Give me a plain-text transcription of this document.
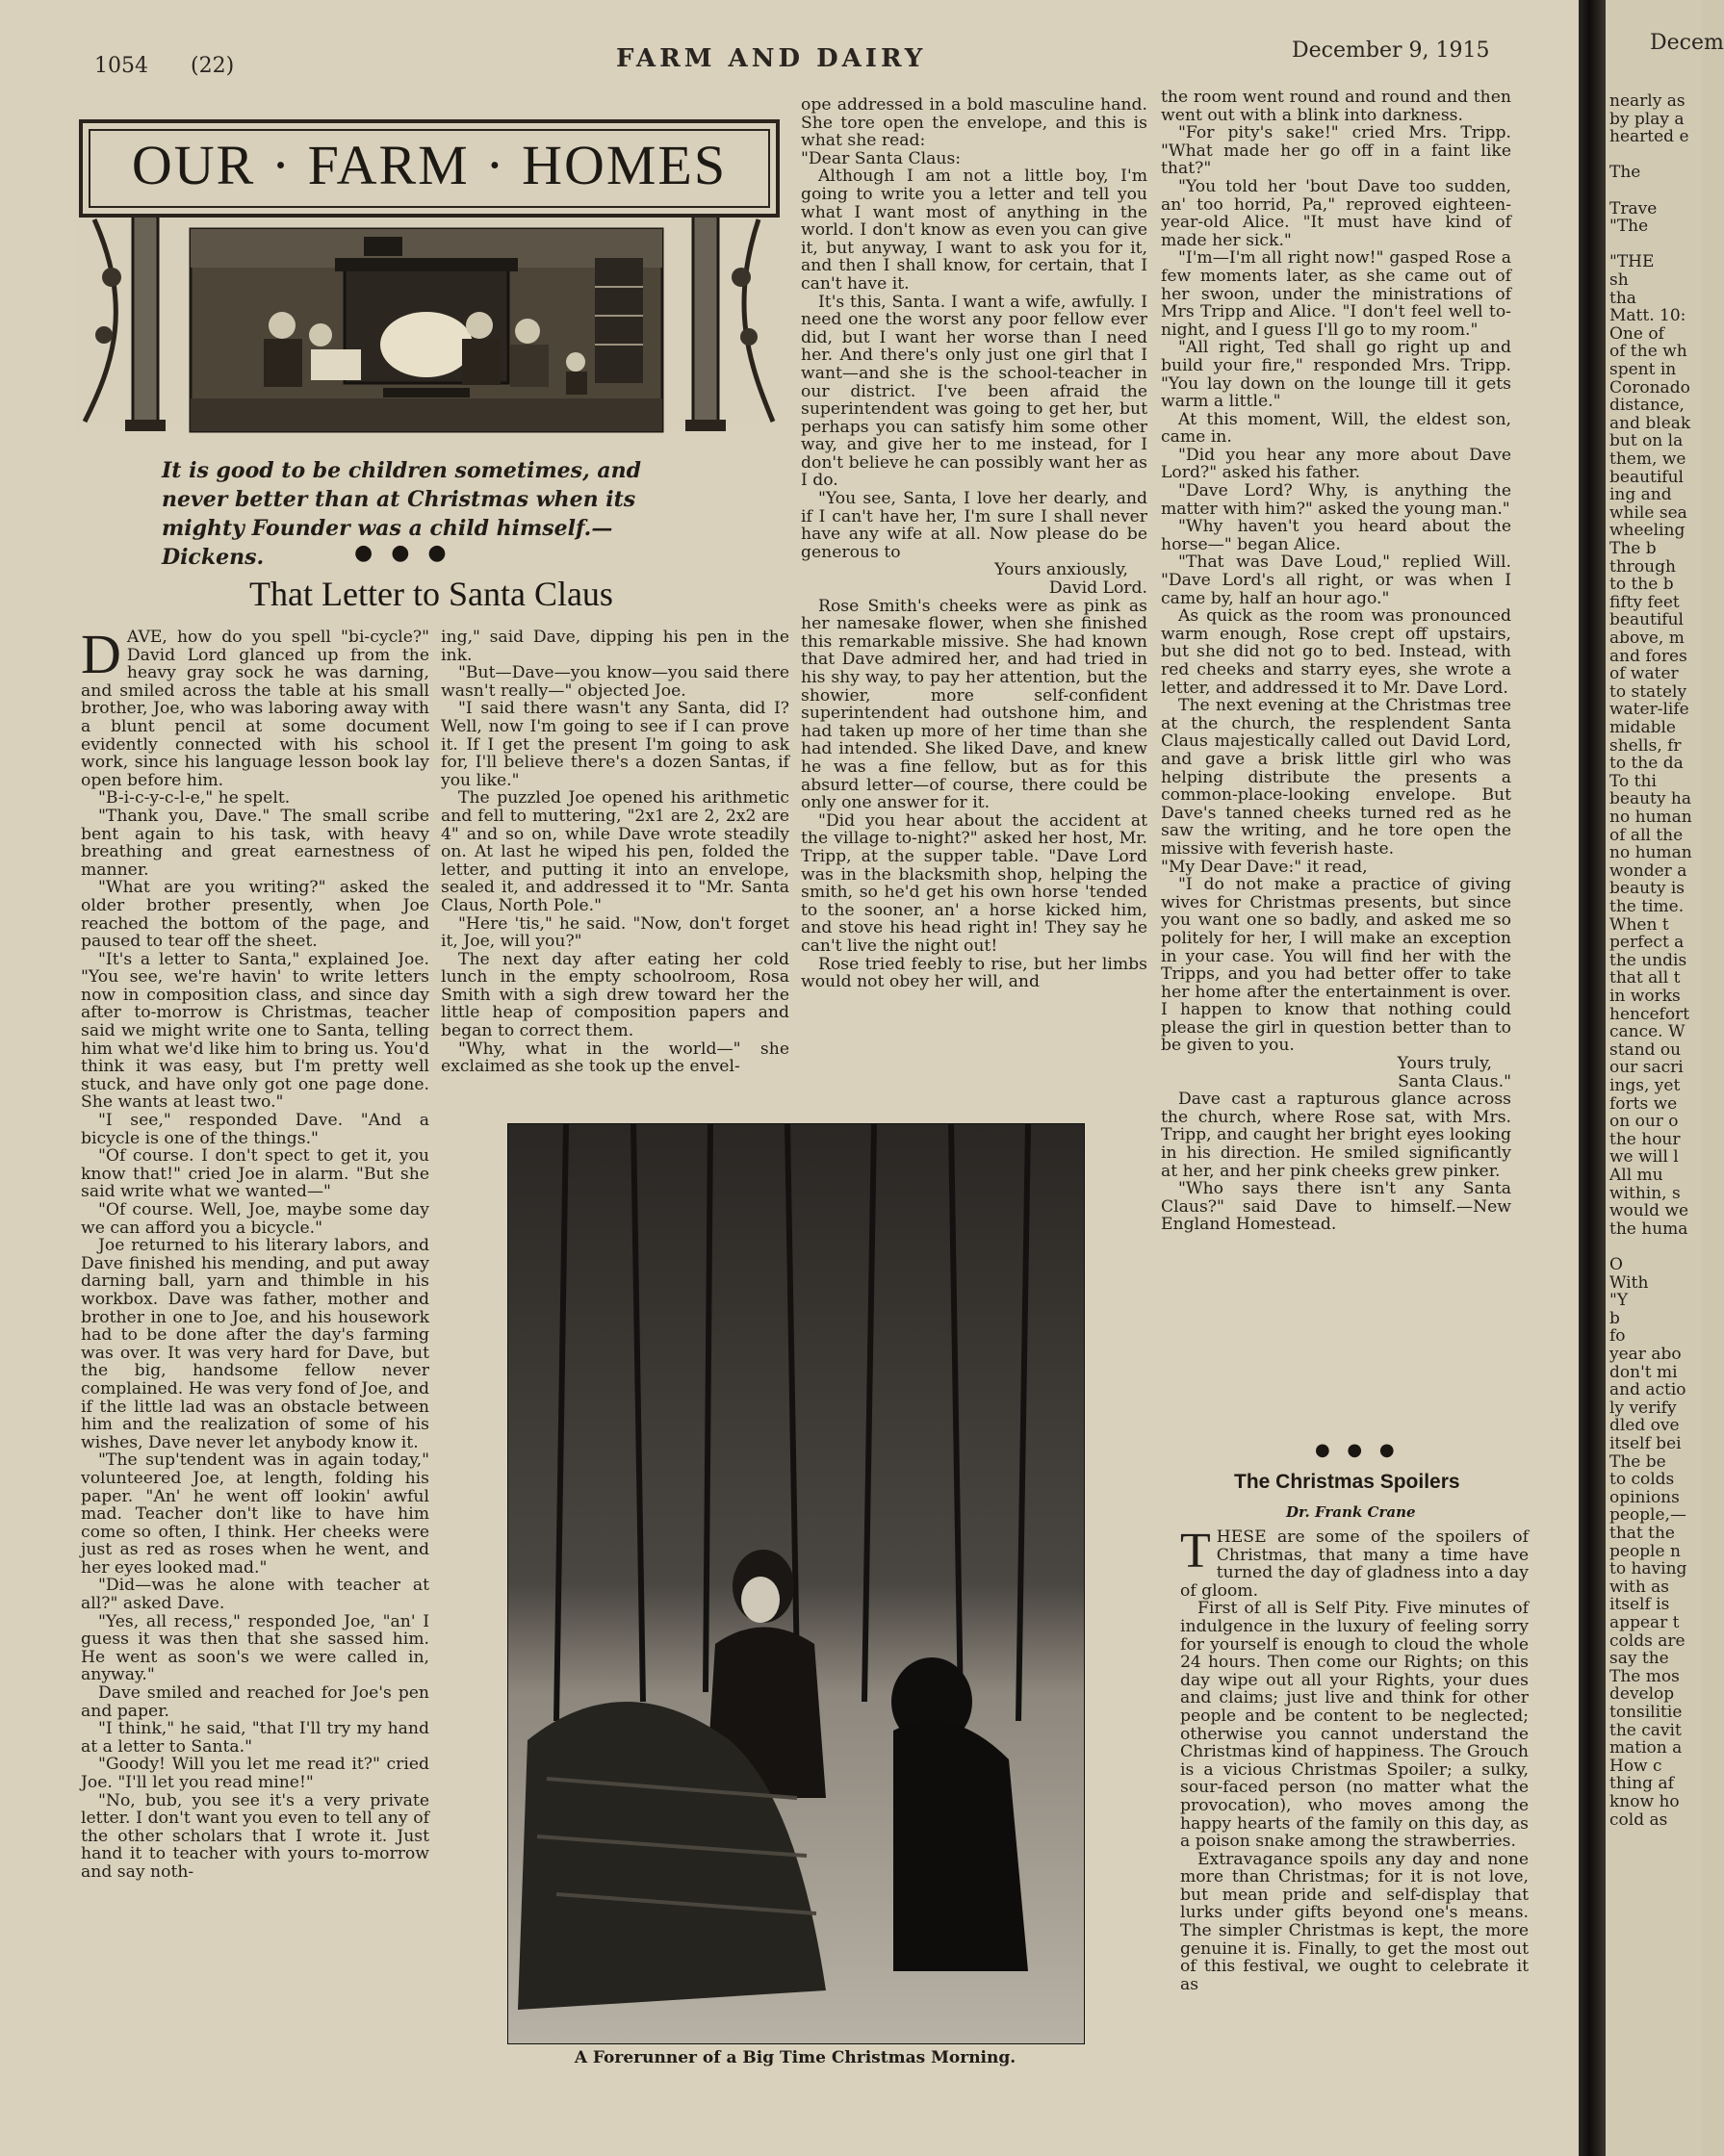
1054 (22)	FARM AND DAIRY	December 9, 1915
OUR · FARM · HOMES
It is good to be children sometimes, and never better than at Christmas when its mighty Founder was a child himself.—Dickens.	● ● ●
That Letter to Santa Claus

DAVE, how do you spell "bi-cycle?" David Lord glanced up from the heavy gray sock he was darning, and smiled across the table at his small brother, Joe, who was laboring away with a blunt pencil at some document evidently connected with his school work, since his language lesson book lay open before him.

"B-i-c-y-c-l-e," he spelt.

"Thank you, Dave." The small scribe bent again to his task, with heavy breathing and great earnestness of manner.

"What are you writing?" asked the older brother presently, when Joe reached the bottom of the page, and paused to tear off the sheet.

"It's a letter to Santa," explained Joe. "You see, we're havin' to write letters now in composition class, and since day after to-morrow is Christmas, teacher said we might write one to Santa, telling him what we'd like him to bring us. You'd think it was easy, but I'm pretty well stuck, and have only got one page done. She wants at least two."

"I see," responded Dave. "And a bicycle is one of the things."

"Of course. I don't spect to get it, you know that!" cried Joe in alarm. "But she said write what we wanted—"

"Of course. Well, Joe, maybe some day we can afford you a bicycle."

Joe returned to his literary labors, and Dave finished his mending, and put away darning ball, yarn and thimble in his workbox. Dave was father, mother and brother in one to Joe, and his housework had to be done after the day's farming was over. It was very hard for Dave, but the big, handsome fellow never complained. He was very fond of Joe, and if the little lad was an obstacle between him and the realization of some of his wishes, Dave never let anybody know it.

"The sup'tendent was in again today," volunteered Joe, at length, folding his paper. "An' he went off lookin' awful mad. Teacher don't like to have him come so often, I think. Her cheeks were just as red as roses when he went, and her eyes looked mad."

"Did—was he alone with teacher at all?" asked Dave.

"Yes, all recess," responded Joe, "an' I guess it was then that she sassed him. He went as soon's we were called in, anyway."

Dave smiled and reached for Joe's pen and paper.

"I think," he said, "that I'll try my hand at a letter to Santa."

"Goody! Will you let me read it?" cried Joe. "I'll let you read mine!"

"No, bub, you see it's a very private letter. I don't want you even to tell any of the other scholars that I wrote it. Just hand it to teacher with yours to-morrow and say noth-

ing," said Dave, dipping his pen in the ink.

"But—Dave—you know—you said there wasn't really—" objected Joe.

"I said there wasn't any Santa, did I? Well, now I'm going to see if I can prove it. If I get the present I'm going to ask for, I'll believe there's a dozen Santas, if you like."

The puzzled Joe opened his arithmetic and fell to muttering, "2x1 are 2, 2x2 are 4" and so on, while Dave wrote steadily on. At last he wiped his pen, folded the letter, and putting it into an envelope, sealed it, and addressed it to "Mr. Santa Claus, North Pole."

"Here 'tis," he said. "Now, don't forget it, Joe, will you?"

The next day after eating her cold lunch in the empty schoolroom, Rosa Smith with a sigh drew toward her the little heap of composition papers and began to correct them.

"Why, what in the world—" she exclaimed as she took up the envel-

ope addressed in a bold masculine hand. She tore open the envelope, and this is what she read:

"Dear Santa Claus:

Although I am not a little boy, I'm going to write you a letter and tell you what I want most of anything in the world. I don't know as even you can give it, but anyway, I want to ask you for it, and then I shall know, for certain, that I can't have it.

It's this, Santa. I want a wife, awfully. I need one the worst any poor fellow ever did, but I want her worse than I need her. And there's only just one girl that I want—and she is the school-teacher in our district. I've been afraid the superintendent was going to get her, but perhaps you can satisfy him some other way, and give her to me instead, for I don't believe he can possibly want her as I do.

"You see, Santa, I love her dearly, and if I can't have her, I'm sure I shall never have any wife at all. Now please do be generous to

Yours anxiously,

David Lord.

Rose Smith's cheeks were as pink as her namesake flower, when she finished this remarkable missive. She had known that Dave admired her, and had tried in his shy way, to pay her attention, but the showier, more self-confident superintendent had outshone him, and had taken up more of her time than she had intended. She liked Dave, and knew he was a fine fellow, but as for this absurd letter—of course, there could be only one answer for it.

"Did you hear about the accident at the village to-night?" asked her host, Mr. Tripp, at the supper table. "Dave Lord was in the blacksmith shop, helping the smith, so he'd get his own horse 'tended to the sooner, an' a horse kicked him, and stove his head right in! They say he can't live the night out!

Rose tried feebly to rise, but her limbs would not obey her will, and

the room went round and round and then went out with a blink into darkness.

"For pity's sake!" cried Mrs. Tripp. "What made her go off in a faint like that?"

"You told her 'bout Dave too sudden, an' too horrid, Pa," reproved eighteen-year-old Alice. "It must have kind of made her sick."

"I'm—I'm all right now!" gasped Rose a few moments later, as she came out of her swoon, under the ministrations of Mrs Tripp and Alice. "I don't feel well to-night, and I guess I'll go to my room."

"All right, Ted shall go right up and build your fire," responded Mrs. Tripp. "You lay down on the lounge till it gets warm a little."

At this moment, Will, the eldest son, came in.

"Did you hear any more about Dave Lord?" asked his father.

"Dave Lord? Why, is anything the matter with him?" asked the young man."

"Why haven't you heard about the horse—" began Alice.

"That was Dave Loud," replied Will. "Dave Lord's all right, or was when I came by, half an hour ago."

As quick as the room was pronounced warm enough, Rose crept off upstairs, but she did not go to bed. Instead, with red cheeks and starry eyes, she wrote a letter, and addressed it to Mr. Dave Lord.

The next evening at the Christmas tree at the church, the resplendent Santa Claus majestically called out David Lord, and gave a brisk little girl who was helping distribute the presents a common-place-looking envelope. But Dave's tanned cheeks turned red as he saw the writing, and he tore open the missive with feverish haste.

"My Dear Dave:" it read,

"I do not make a practice of giving wives for Christmas presents, but since you want one so badly, and asked me so politely for her, I will make an exception in your case. You will find her with the Tripps, and you had better offer to take her home after the entertainment is over. I happen to know that nothing could please the girl in question better than to be given to you.

Yours truly,

Santa Claus."

Dave cast a rapturous glance across the church, where Rose sat, with Mrs. Tripp, and caught her bright eyes looking in his direction. He smiled significantly at her, and her pink cheeks grew pinker.

"Who says there isn't any Santa Claus?" said Dave to himself.—New England Homestead.

A Forerunner of a Big Time Christmas Morning.
● ● ●
The Christmas Spoilers
Dr. Frank Crane

THESE are some of the spoilers of Christmas, that many a time have turned the day of gladness into a day of gloom.

First of all is Self Pity. Five minutes of indulgence in the luxury of feeling sorry for yourself is enough to cloud the whole 24 hours. Then come our Rights; on this day wipe out all your Rights, your dues and claims; just live and think for other people and be content to be neglected; otherwise you cannot understand the Christmas kind of happiness. The Grouch is a vicious Christmas Spoiler; a sulky, sour-faced person (no matter what the provocation), who moves among the happy hearts of the family on this day, as a poison snake among the strawberries.

Extravagance spoils any day and none more than Christmas; for it is not love, but mean pride and self-display that lurks under gifts beyond one's means. The simpler Christmas is kept, the more genuine it is. Finally, to get the most out of this festival, we ought to celebrate it as

Decem
nearly as
by play a
hearted e
The
Trave
"The
"THE
sh
tha
Matt. 10:
One of
of the wh
spent in
Coronado
distance,
and bleak
but on la
them, we
beautiful
ing and
while sea
wheeling
The b
through
to the b
fifty feet
beautiful
above, m
and fores
of water
to stately
water-life
midable
shells, fr
to the da
To thi
beauty ha
no human
of all the
no human
wonder a
beauty is
the time.
When t
perfect a
the undis
that all t
in works
hencefort
cance. W
stand ou
our sacri
ings, yet
forts we
on our o
the hour
we will l
All mu
within, s
would we
the huma
O
With
"Y
b
fo
year abo
don't mi
and actio
ly verify
dled ove
itself bei
The be
to colds
opinions
people,—
that the
people n
to having
with as
itself is
appear t
colds are
say the
The mos
develop
tonsilitie
the cavit
mation a
How c
thing af
know ho
cold as
